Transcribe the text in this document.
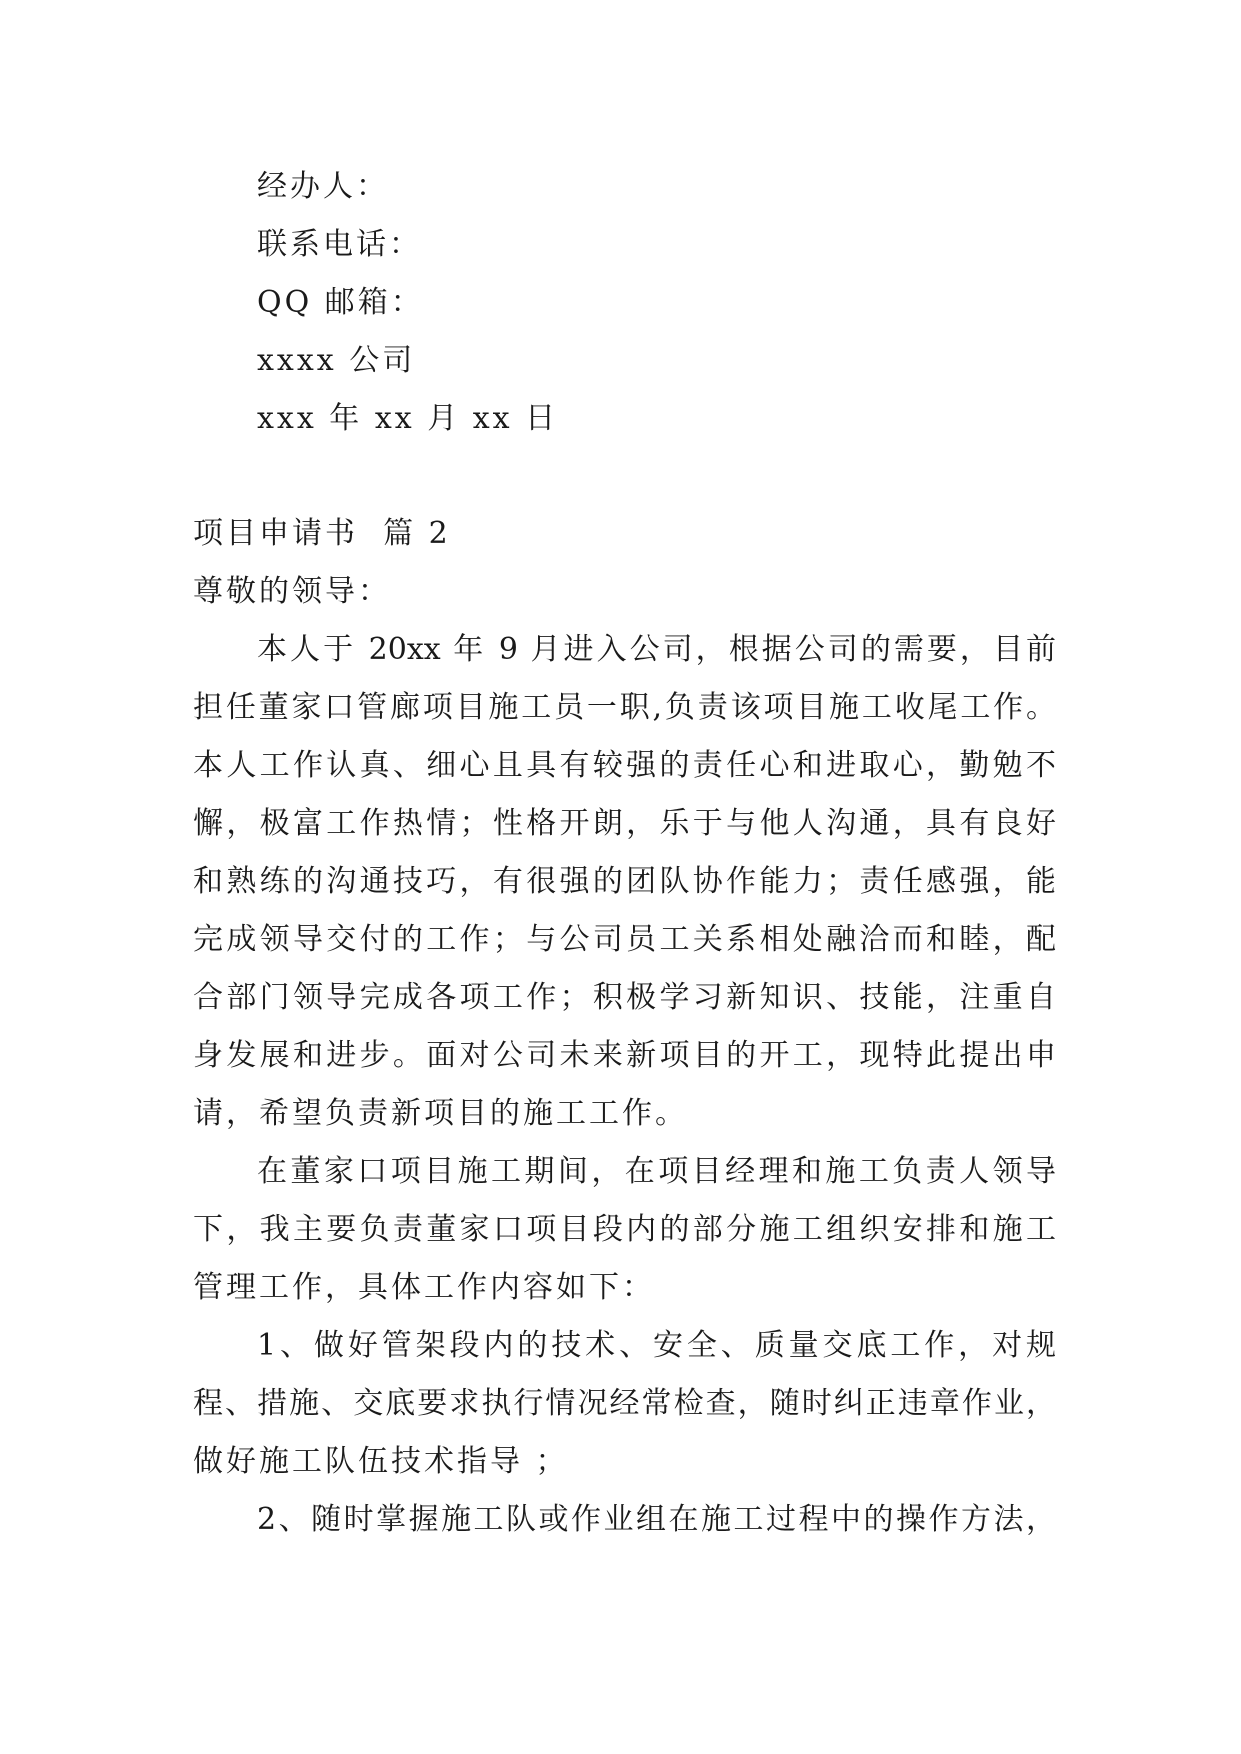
经办人：
联系电话：
QQ 邮箱：
xxxx 公司
xxx 年 xx 月 xx 日
项目申请书  篇 2
尊敬的领导：
本人于 20xx 年 9 月进入公司，根据公司的需要，目前
担任董家口管廊项目施工员一职,负责该项目施工收尾工作。
本人工作认真、细心且具有较强的责任心和进取心，勤勉不
懈，极富工作热情；性格开朗，乐于与他人沟通，具有良好
和熟练的沟通技巧，有很强的团队协作能力；责任感强，能
完成领导交付的工作；与公司员工关系相处融洽而和睦，配
合部门领导完成各项工作；积极学习新知识、技能，注重自
身发展和进步。面对公司未来新项目的开工，现特此提出申
请，希望负责新项目的施工工作。
在董家口项目施工期间，在项目经理和施工负责人领导
下，我主要负责董家口项目段内的部分施工组织安排和施工
管理工作，具体工作内容如下：
1、做好管架段内的技术、安全、质量交底工作，对规
程、措施、交底要求执行情况经常检查，随时纠正违章作业，
做好施工队伍技术指导 ；
2、随时掌握施工队或作业组在施工过程中的操作方法，
